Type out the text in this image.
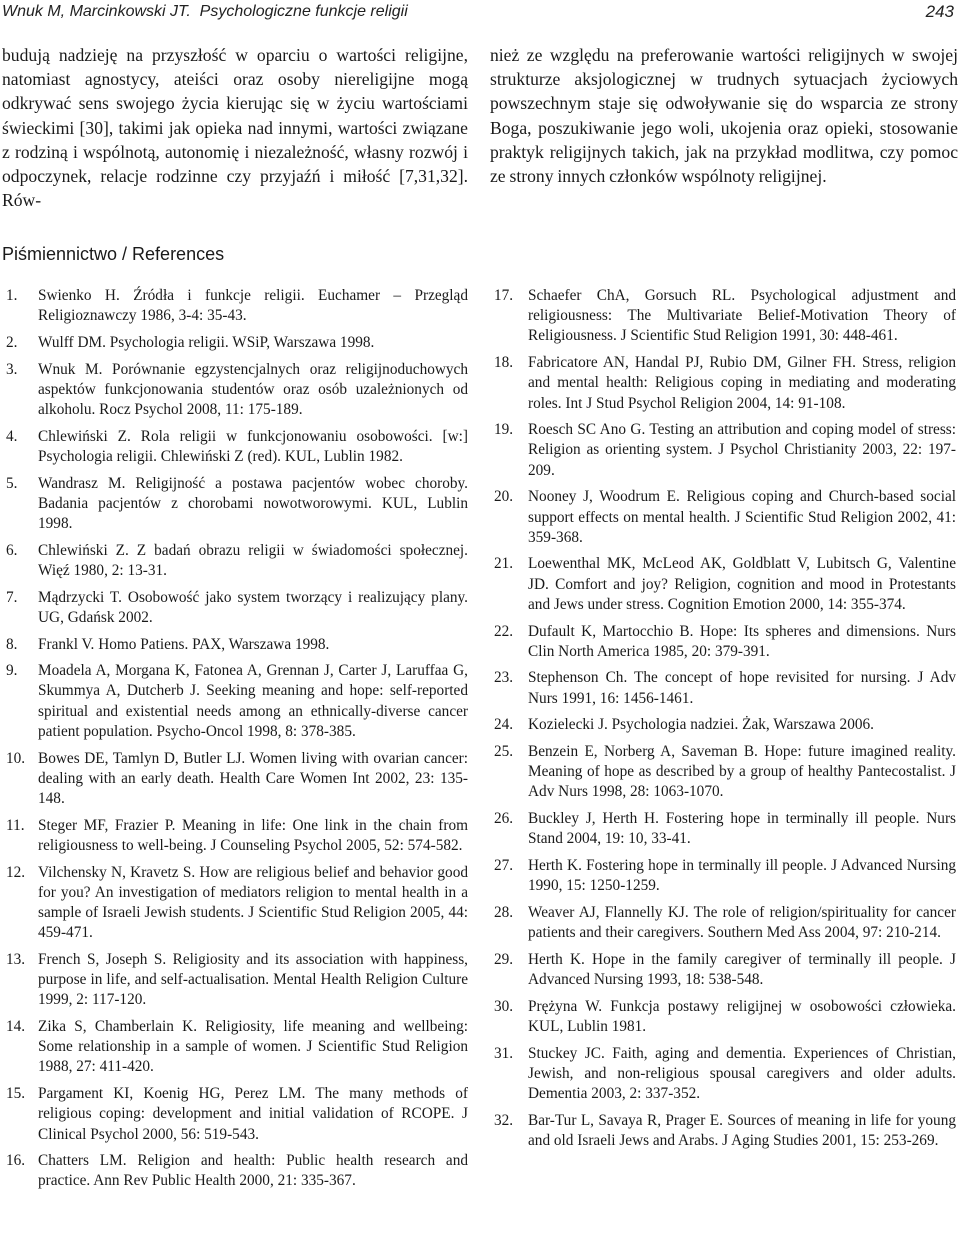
Wnuk M, Marcinkowski JT. Psychologiczne funkcje religii	243
budują nadzieję na przyszłość w oparciu o wartości religijne, natomiast agnostycy, ateiści oraz osoby niereligijne mogą odkrywać sens swojego życia kierując się w życiu wartościami świeckimi [30], takimi jak opieka nad innymi, wartości związane z rodziną i wspólnotą, autonomię i niezależność, własny rozwój i odpoczynek, relacje rodzinne czy przyjaźń i miłość [7,31,32]. Rów-
nież ze względu na preferowanie wartości religijnych w swojej strukturze aksjologicznej w trudnych sytuacjach życiowych powszechnym staje się odwoływanie się do wsparcia ze strony Boga, poszukiwanie jego woli, ukojenia oraz opieki, stosowanie praktyk religijnych takich, jak na przykład modlitwa, czy pomoc ze strony innych członków wspólnoty religijnej.
Piśmiennictwo / References
1. Swienko H. Źródła i funkcje religii. Euchamer – Przegląd Religioznawczy 1986, 3-4: 35-43.
2. Wulff DM. Psychologia religii. WSiP, Warszawa 1998.
3. Wnuk M. Porównanie egzystencjalnych oraz religijnoduchowych aspektów funkcjonowania studentów oraz osób uzależnionych od alkoholu. Rocz Psychol 2008, 11: 175-189.
4. Chlewiński Z. Rola religii w funkcjonowaniu osobowości. [w:] Psychologia religii. Chlewiński Z (red). KUL, Lublin 1982.
5. Wandrasz M. Religijność a postawa pacjentów wobec choroby. Badania pacjentów z chorobami nowotworowymi. KUL, Lublin 1998.
6. Chlewiński Z. Z badań obrazu religii w świadomości społecznej. Więź 1980, 2: 13-31.
7. Mądrzycki T. Osobowość jako system tworzący i realizujący plany. UG, Gdańsk 2002.
8. Frankl V. Homo Patiens. PAX, Warszawa 1998.
9. Moadela A, Morgana K, Fatonea A, Grennan J, Carter J, Laruffaa G, Skummya A, Dutcherb J. Seeking meaning and hope: self-reported spiritual and existential needs among an ethnically-diverse cancer patient population. Psycho-Oncol 1998, 8: 378-385.
10. Bowes DE, Tamlyn D, Butler LJ. Women living with ovarian cancer: dealing with an early death. Health Care Women Int 2002, 23: 135-148.
11. Steger MF, Frazier P. Meaning in life: One link in the chain from religiousness to well-being. J Counseling Psychol 2005, 52: 574-582.
12. Vilchensky N, Kravetz S. How are religious belief and behavior good for you? An investigation of mediators religion to mental health in a sample of Israeli Jewish students. J Scientific Stud Religion 2005, 44: 459-471.
13. French S, Joseph S. Religiosity and its association with happiness, purpose in life, and self-actualisation. Mental Health Religion Culture 1999, 2: 117-120.
14. Zika S, Chamberlain K. Religiosity, life meaning and wellbeing: Some relationship in a sample of women. J Scientific Stud Religion 1988, 27: 411-420.
15. Pargament KI, Koenig HG, Perez LM. The many methods of religious coping: development and initial validation of RCOPE. J Clinical Psychol 2000, 56: 519-543.
16. Chatters LM. Religion and health: Public health research and practice. Ann Rev Public Health 2000, 21: 335-367.
17. Schaefer ChA, Gorsuch RL. Psychological adjustment and religiousness: The Multivariate Belief-Motivation Theory of Religiousness. J Scientific Stud Religion 1991, 30: 448-461.
18. Fabricatore AN, Handal PJ, Rubio DM, Gilner FH. Stress, religion and mental health: Religious coping in mediating and moderating roles. Int J Stud Psychol Religion 2004, 14: 91-108.
19. Roesch SC Ano G. Testing an attribution and coping model of stress: Religion as orienting system. J Psychol Christianity 2003, 22: 197-209.
20. Nooney J, Woodrum E. Religious coping and Church-based social support effects on mental health. J Scientific Stud Religion 2002, 41: 359-368.
21. Loewenthal MK, McLeod AK, Goldblatt V, Lubitsch G, Valentine JD. Comfort and joy? Religion, cognition and mood in Protestants and Jews under stress. Cognition Emotion 2000, 14: 355-374.
22. Dufault K, Martocchio B. Hope: Its spheres and dimensions. Nurs Clin North America 1985, 20: 379-391.
23. Stephenson Ch. The concept of hope revisited for nursing. J Adv Nurs 1991, 16: 1456-1461.
24. Kozielecki J. Psychologia nadziei. Żak, Warszawa 2006.
25. Benzein E, Norberg A, Saveman B. Hope: future imagined reality. Meaning of hope as described by a group of healthy Pantecostalist. J Adv Nurs 1998, 28: 1063-1070.
26. Buckley J, Herth H. Fostering hope in terminally ill people. Nurs Stand 2004, 19: 10, 33-41.
27. Herth K. Fostering hope in terminally ill people. J Advanced Nursing 1990, 15: 1250-1259.
28. Weaver AJ, Flannelly KJ. The role of religion/spirituality for cancer patients and their caregivers. Southern Med Ass 2004, 97: 210-214.
29. Herth K. Hope in the family caregiver of terminally ill people. J Advanced Nursing 1993, 18: 538-548.
30. Prężyna W. Funkcja postawy religijnej w osobowości człowieka. KUL, Lublin 1981.
31. Stuckey JC. Faith, aging and dementia. Experiences of Christian, Jewish, and non-religious spousal caregivers and older adults. Dementia 2003, 2: 337-352.
32. Bar-Tur L, Savaya R, Prager E. Sources of meaning in life for young and old Israeli Jews and Arabs. J Aging Studies 2001, 15: 253-269.
